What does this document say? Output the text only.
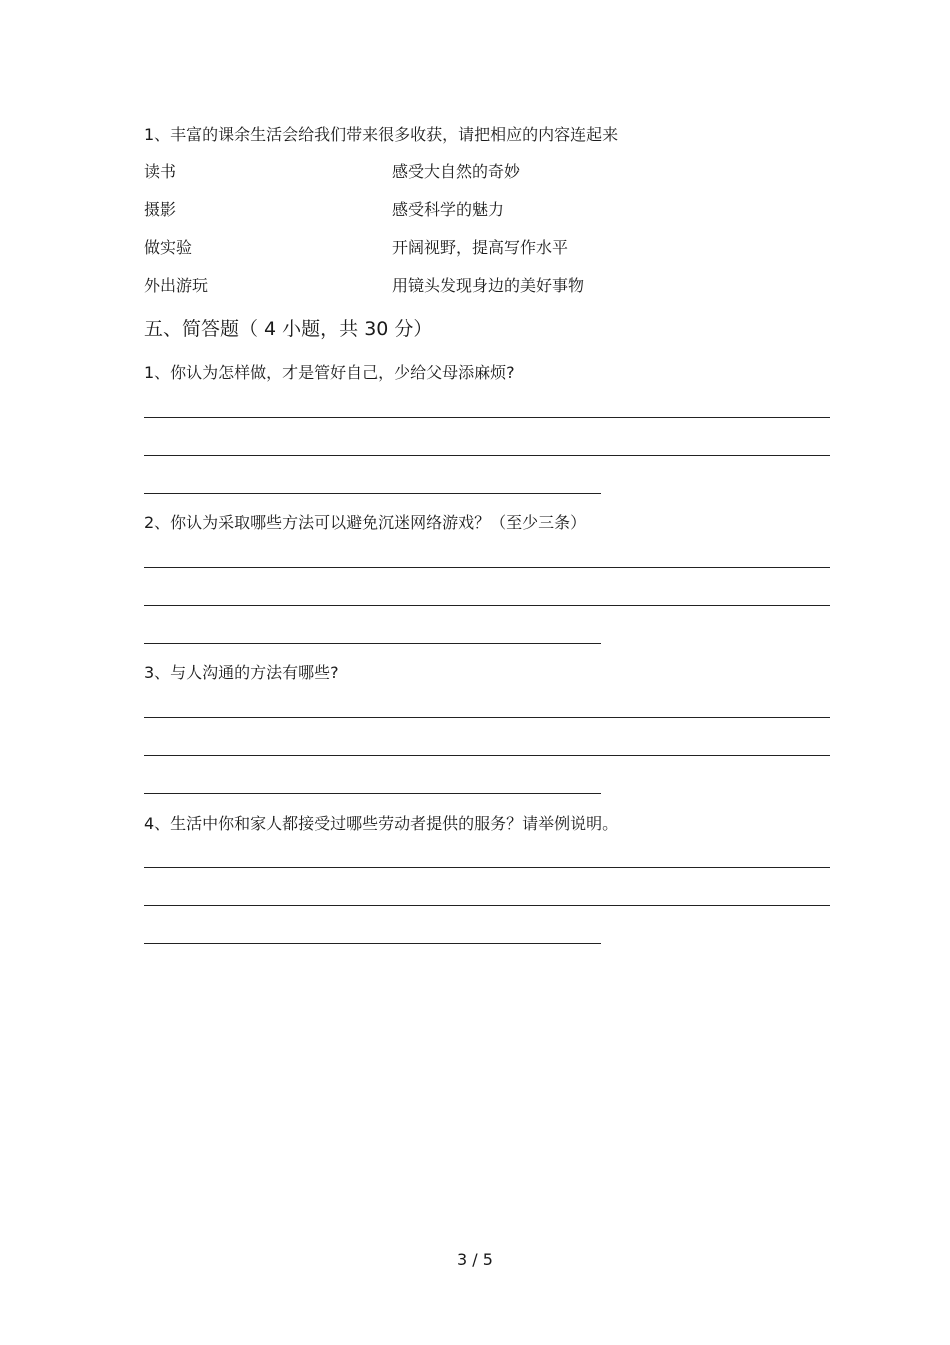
1、丰富的课余生活会给我们带来很多收获，请把相应的内容连起来
读书	感受大自然的奇妙
摄影	感受科学的魅力
做实验	开阔视野，提高写作水平
外出游玩	用镜头发现身边的美好事物
五、简答题（ 4 小题，共 30 分）
1、你认为怎样做，才是管好自己，少给父母添麻烦?
2、你认为采取哪些方法可以避免沉迷网络游戏？（至少三条）
3、与人沟通的方法有哪些?
4、生活中你和家人都接受过哪些劳动者提供的服务？请举例说明。
3 / 5
